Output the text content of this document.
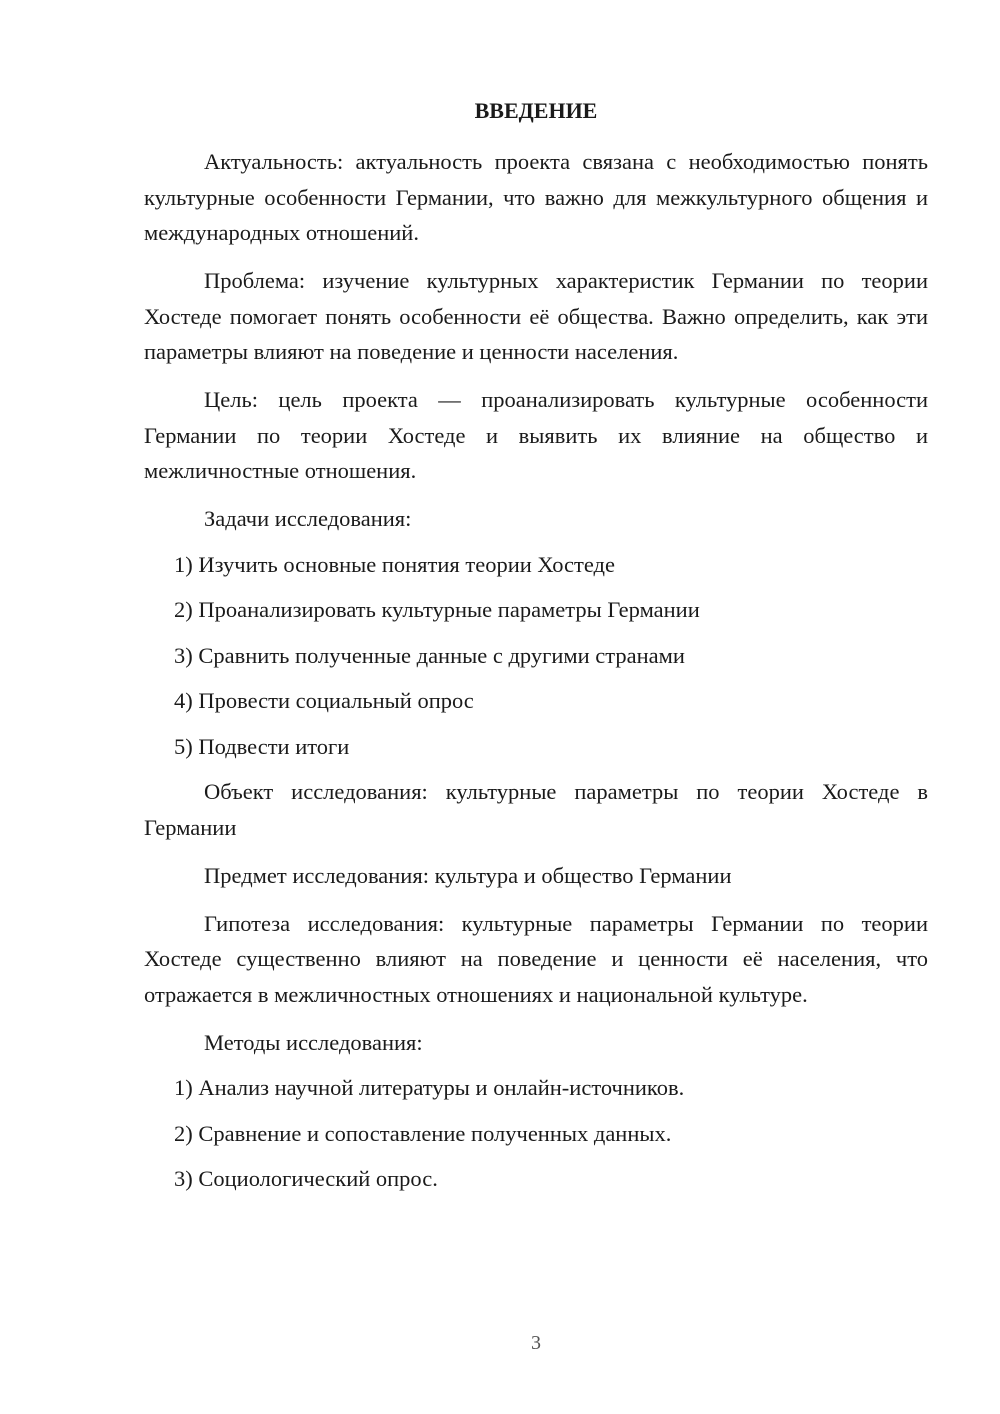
ВВЕДЕНИЕ

Актуальность: актуальность проекта связана с необходимостью понять культурные особенности Германии, что важно для межкультурного общения и международных отношений.

Проблема: изучение культурных характеристик Германии по теории Хостеде помогает понять особенности её общества. Важно определить, как эти параметры влияют на поведение и ценности населения.

Цель: цель проекта — проанализировать культурные особенности Германии по теории Хостеде и выявить их влияние на общество и межличностные отношения.

Задачи исследования:

1) Изучить основные понятия теории Хостеде
2) Проанализировать культурные параметры Германии
3) Сравнить полученные данные с другими странами
4) Провести социальный опрос
5) Подвести итоги

Объект исследования: культурные параметры по теории Хостеде в Германии

Предмет исследования: культура и общество Германии

Гипотеза исследования: культурные параметры Германии по теории Хостеде существенно влияют на поведение и ценности её населения, что отражается в межличностных отношениях и национальной культуре.

Методы исследования:

1) Анализ научной литературы и онлайн-источников.
2) Сравнение и сопоставление полученных данных.
3) Социологический опрос.
3
